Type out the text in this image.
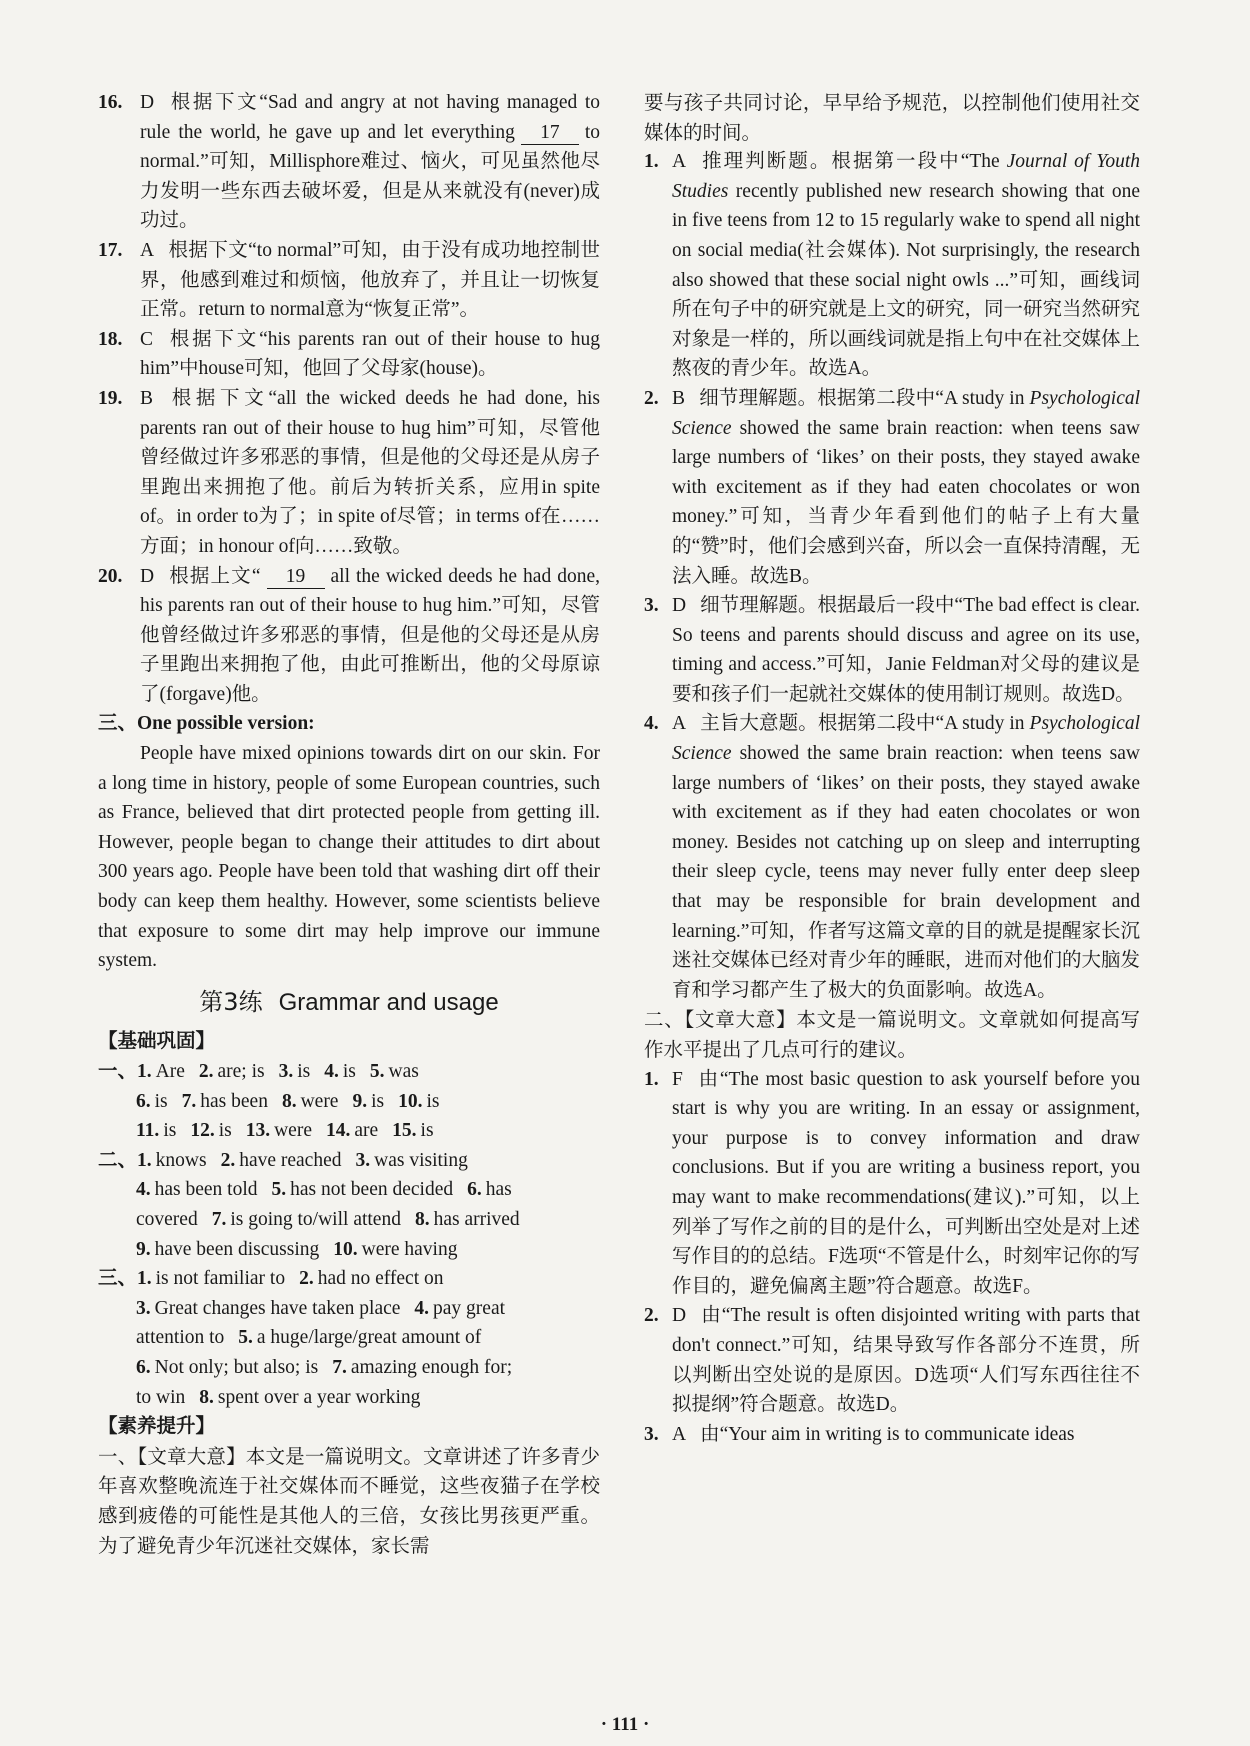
16. D 根据下文“Sad and angry at not having managed to rule the world, he gave up and let everything 17 to normal.”可知，Millisphore难过、恼火，可见虽然他尽力发明一些东西去破坏爱，但是从来就没有(never)成功过。
17. A 根据下文“to normal”可知，由于没有成功地控制世界，他感到难过和烦恼，他放弃了，并且让一切恢复正常。return to normal意为“恢复正常”。
18. C 根据下文“his parents ran out of their house to hug him”中house可知，他回了父母家(house)。
19. B 根据下文“all the wicked deeds he had done, his parents ran out of their house to hug him”可知，尽管他曾经做过许多邪恶的事情，但是他的父母还是从房子里跑出来拥抱了他。前后为转折关系，应用in spite of。in order to为了；in spite of尽管；in terms of在……方面；in honour of向……致敬。
20. D 根据上文“ 19 all the wicked deeds he had done, his parents ran out of their house to hug him.”可知，尽管他曾经做过许多邪恶的事情，但是他的父母还是从房子里跑出来拥抱了他，由此可推断出，他的父母原谅了(forgave)他。
三、One possible version:
People have mixed opinions towards dirt on our skin. For a long time in history, people of some European countries, such as France, believed that dirt protected people from getting ill. However, people began to change their attitudes to dirt about 300 years ago. People have been told that washing dirt off their body can keep them healthy. However, some scientists believe that exposure to some dirt may help improve our immune system.
第3练 Grammar and usage
【基础巩固】
一、1. Are 2. are; is 3. is 4. is 5. was
6. is 7. has been 8. were 9. is 10. is
11. is 12. is 13. were 14. are 15. is
二、1. knows 2. have reached 3. was visiting
4. has been told 5. has not been decided 6. has
covered 7. is going to/will attend 8. has arrived
9. have been discussing 10. were having
三、1. is not familiar to 2. had no effect on
3. Great changes have taken place 4. pay great
attention to 5. a huge/large/great amount of
6. Not only; but also; is 7. amazing enough for;
to win 8. spent over a year working
【素养提升】
一、【文章大意】本文是一篇说明文。文章讲述了许多青少年喜欢整晚流连于社交媒体而不睡觉，这些夜猫子在学校感到疲倦的可能性是其他人的三倍，女孩比男孩更严重。为了避免青少年沉迷社交媒体，家长需
要与孩子共同讨论，早早给予规范，以控制他们使用社交媒体的时间。
1. A 推理判断题。根据第一段中“The Journal of Youth Studies recently published new research showing that one in five teens from 12 to 15 regularly wake to spend all night on social media(社会媒体). Not surprisingly, the research also showed that these social night owls ...”可知，画线词所在句子中的研究就是上文的研究，同一研究当然研究对象是一样的，所以画线词就是指上句中在社交媒体上熬夜的青少年。故选A。
2. B 细节理解题。根据第二段中“A study in Psychological Science showed the same brain reaction: when teens saw large numbers of ‘likes’ on their posts, they stayed awake with excitement as if they had eaten chocolates or won money.”可知，当青少年看到他们的帖子上有大量的“赞”时，他们会感到兴奋，所以会一直保持清醒，无法入睡。故选B。
3. D 细节理解题。根据最后一段中“The bad effect is clear. So teens and parents should discuss and agree on its use, timing and access.”可知，Janie Feldman对父母的建议是要和孩子们一起就社交媒体的使用制订规则。故选D。
4. A 主旨大意题。根据第二段中“A study in Psychological Science showed the same brain reaction: when teens saw large numbers of ‘likes’ on their posts, they stayed awake with excitement as if they had eaten chocolates or won money. Besides not catching up on sleep and interrupting their sleep cycle, teens may never fully enter deep sleep that may be responsible for brain development and learning.”可知，作者写这篇文章的目的就是提醒家长沉迷社交媒体已经对青少年的睡眠，进而对他们的大脑发育和学习都产生了极大的负面影响。故选A。
二、【文章大意】本文是一篇说明文。文章就如何提高写作水平提出了几点可行的建议。
1. F 由“The most basic question to ask yourself before you start is why you are writing. In an essay or assignment, your purpose is to convey information and draw conclusions. But if you are writing a business report, you may want to make recommendations(建议).”可知，以上列举了写作之前的目的是什么，可判断出空处是对上述写作目的的总结。F选项“不管是什么，时刻牢记你的写作目的，避免偏离主题”符合题意。故选F。
2. D 由“The result is often disjointed writing with parts that don't connect.”可知，结果导致写作各部分不连贯，所以判断出空处说的是原因。D选项“人们写东西往往不拟提纲”符合题意。故选D。
3. A 由“Your aim in writing is to communicate ideas
· 111 ·
